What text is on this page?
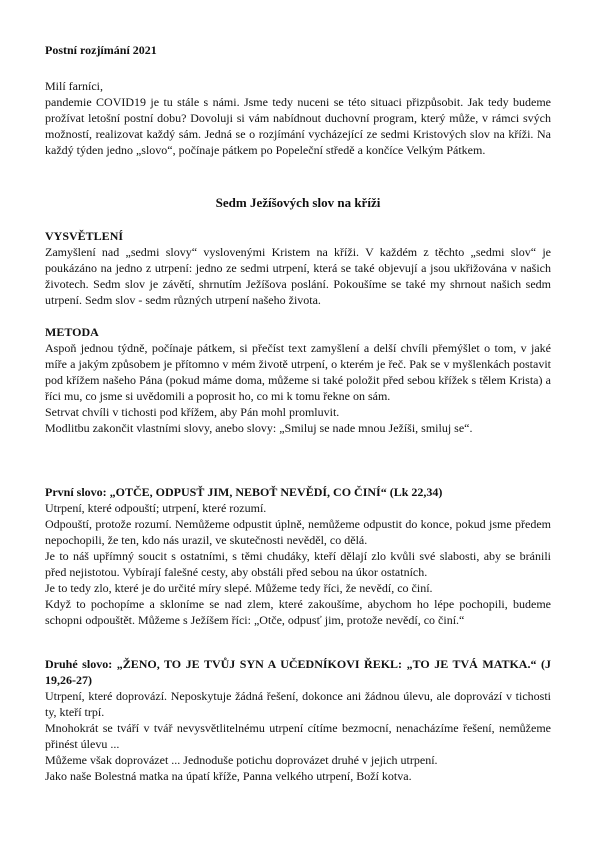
Postní rozjímání 2021

Milí farníci,

pandemie COVID19 je tu stále s námi. Jsme tedy nuceni se této situaci přizpůsobit. Jak tedy budeme prožívat letošní postní dobu? Dovoluji si vám nabídnout duchovní program, který může, v rámci svých možností, realizovat každý sám. Jedná se o rozjímání vycházející ze sedmi Kristových slov na kříži. Na každý týden jedno „slovo“, počínaje pátkem po Popeleční středě a končíce Velkým Pátkem.

Sedm Ježíšových slov na kříži

VYSVĚTLENÍ

Zamyšlení nad „sedmi slovy“ vyslovenými Kristem na kříži. V každém z těchto „sedmi slov“ je poukázáno na jedno z utrpení: jedno ze sedmi utrpení, která se také objevují a jsou ukřižována v našich životech. Sedm slov je závětí, shrnutím Ježíšova poslání. Pokoušíme se také my shrnout našich sedm utrpení. Sedm slov - sedm různých utrpení našeho života.

METODA

Aspoň jednou týdně, počínaje pátkem, si přečíst text zamyšlení a delší chvíli přemýšlet o tom, v jaké míře a jakým způsobem je přítomno v mém životě utrpení, o kterém je řeč. Pak se v myšlenkách postavit pod křížem našeho Pána (pokud máme doma, můžeme si také položit před sebou křížek s tělem Krista) a říci mu, co jsme si uvědomili a poprosit ho, co mi k tomu řekne on sám.

Setrvat chvíli v tichosti pod křížem, aby Pán mohl promluvit.

Modlitbu zakončit vlastními slovy, anebo slovy: „Smiluj se nade mnou Ježíši, smiluj se“.

První slovo: „OTČE, ODPUSŤ JIM, NEBOŤ NEVĚDÍ, CO ČINÍ“ (Lk 22,34)

Utrpení, které odpouští; utrpení, které rozumí.

Odpouští, protože rozumí. Nemůžeme odpustit úplně, nemůžeme odpustit do konce, pokud jsme předem nepochopili, že ten, kdo nás urazil, ve skutečnosti nevěděl, co dělá.

Je to náš upřímný soucit s ostatními, s těmi chudáky, kteří dělají zlo kvůli své slabosti, aby se bránili před nejistotou. Vybírají falešné cesty, aby obstáli před sebou na úkor ostatních.

Je to tedy zlo, které je do určité míry slepé. Můžeme tedy říci, že nevědí, co činí.

Když to pochopíme a skloníme se nad zlem, které zakoušíme, abychom ho lépe pochopili, budeme schopni odpouštět. Můžeme s Ježíšem říci: „Otče, odpusť jim, protože nevědí, co činí.“

Druhé slovo: „ŽENO, TO JE TVŮJ SYN A UČEDNÍKOVI ŘEKL: „TO JE TVÁ MATKA.“ (J 19,26-27)

Utrpení, které doprovází. Neposkytuje žádná řešení, dokonce ani žádnou úlevu, ale doprovází v tichosti ty, kteří trpí.

Mnohokrát se tváří v tvář nevysvětlitelnému utrpení cítíme bezmocní, nenacházíme řešení, nemůžeme přinést úlevu ...

Můžeme však doprovázet ... Jednoduše potichu doprovázet druhé v jejich utrpení.

Jako naše Bolestná matka na úpatí kříže, Panna velkého utrpení, Boží kotva.
